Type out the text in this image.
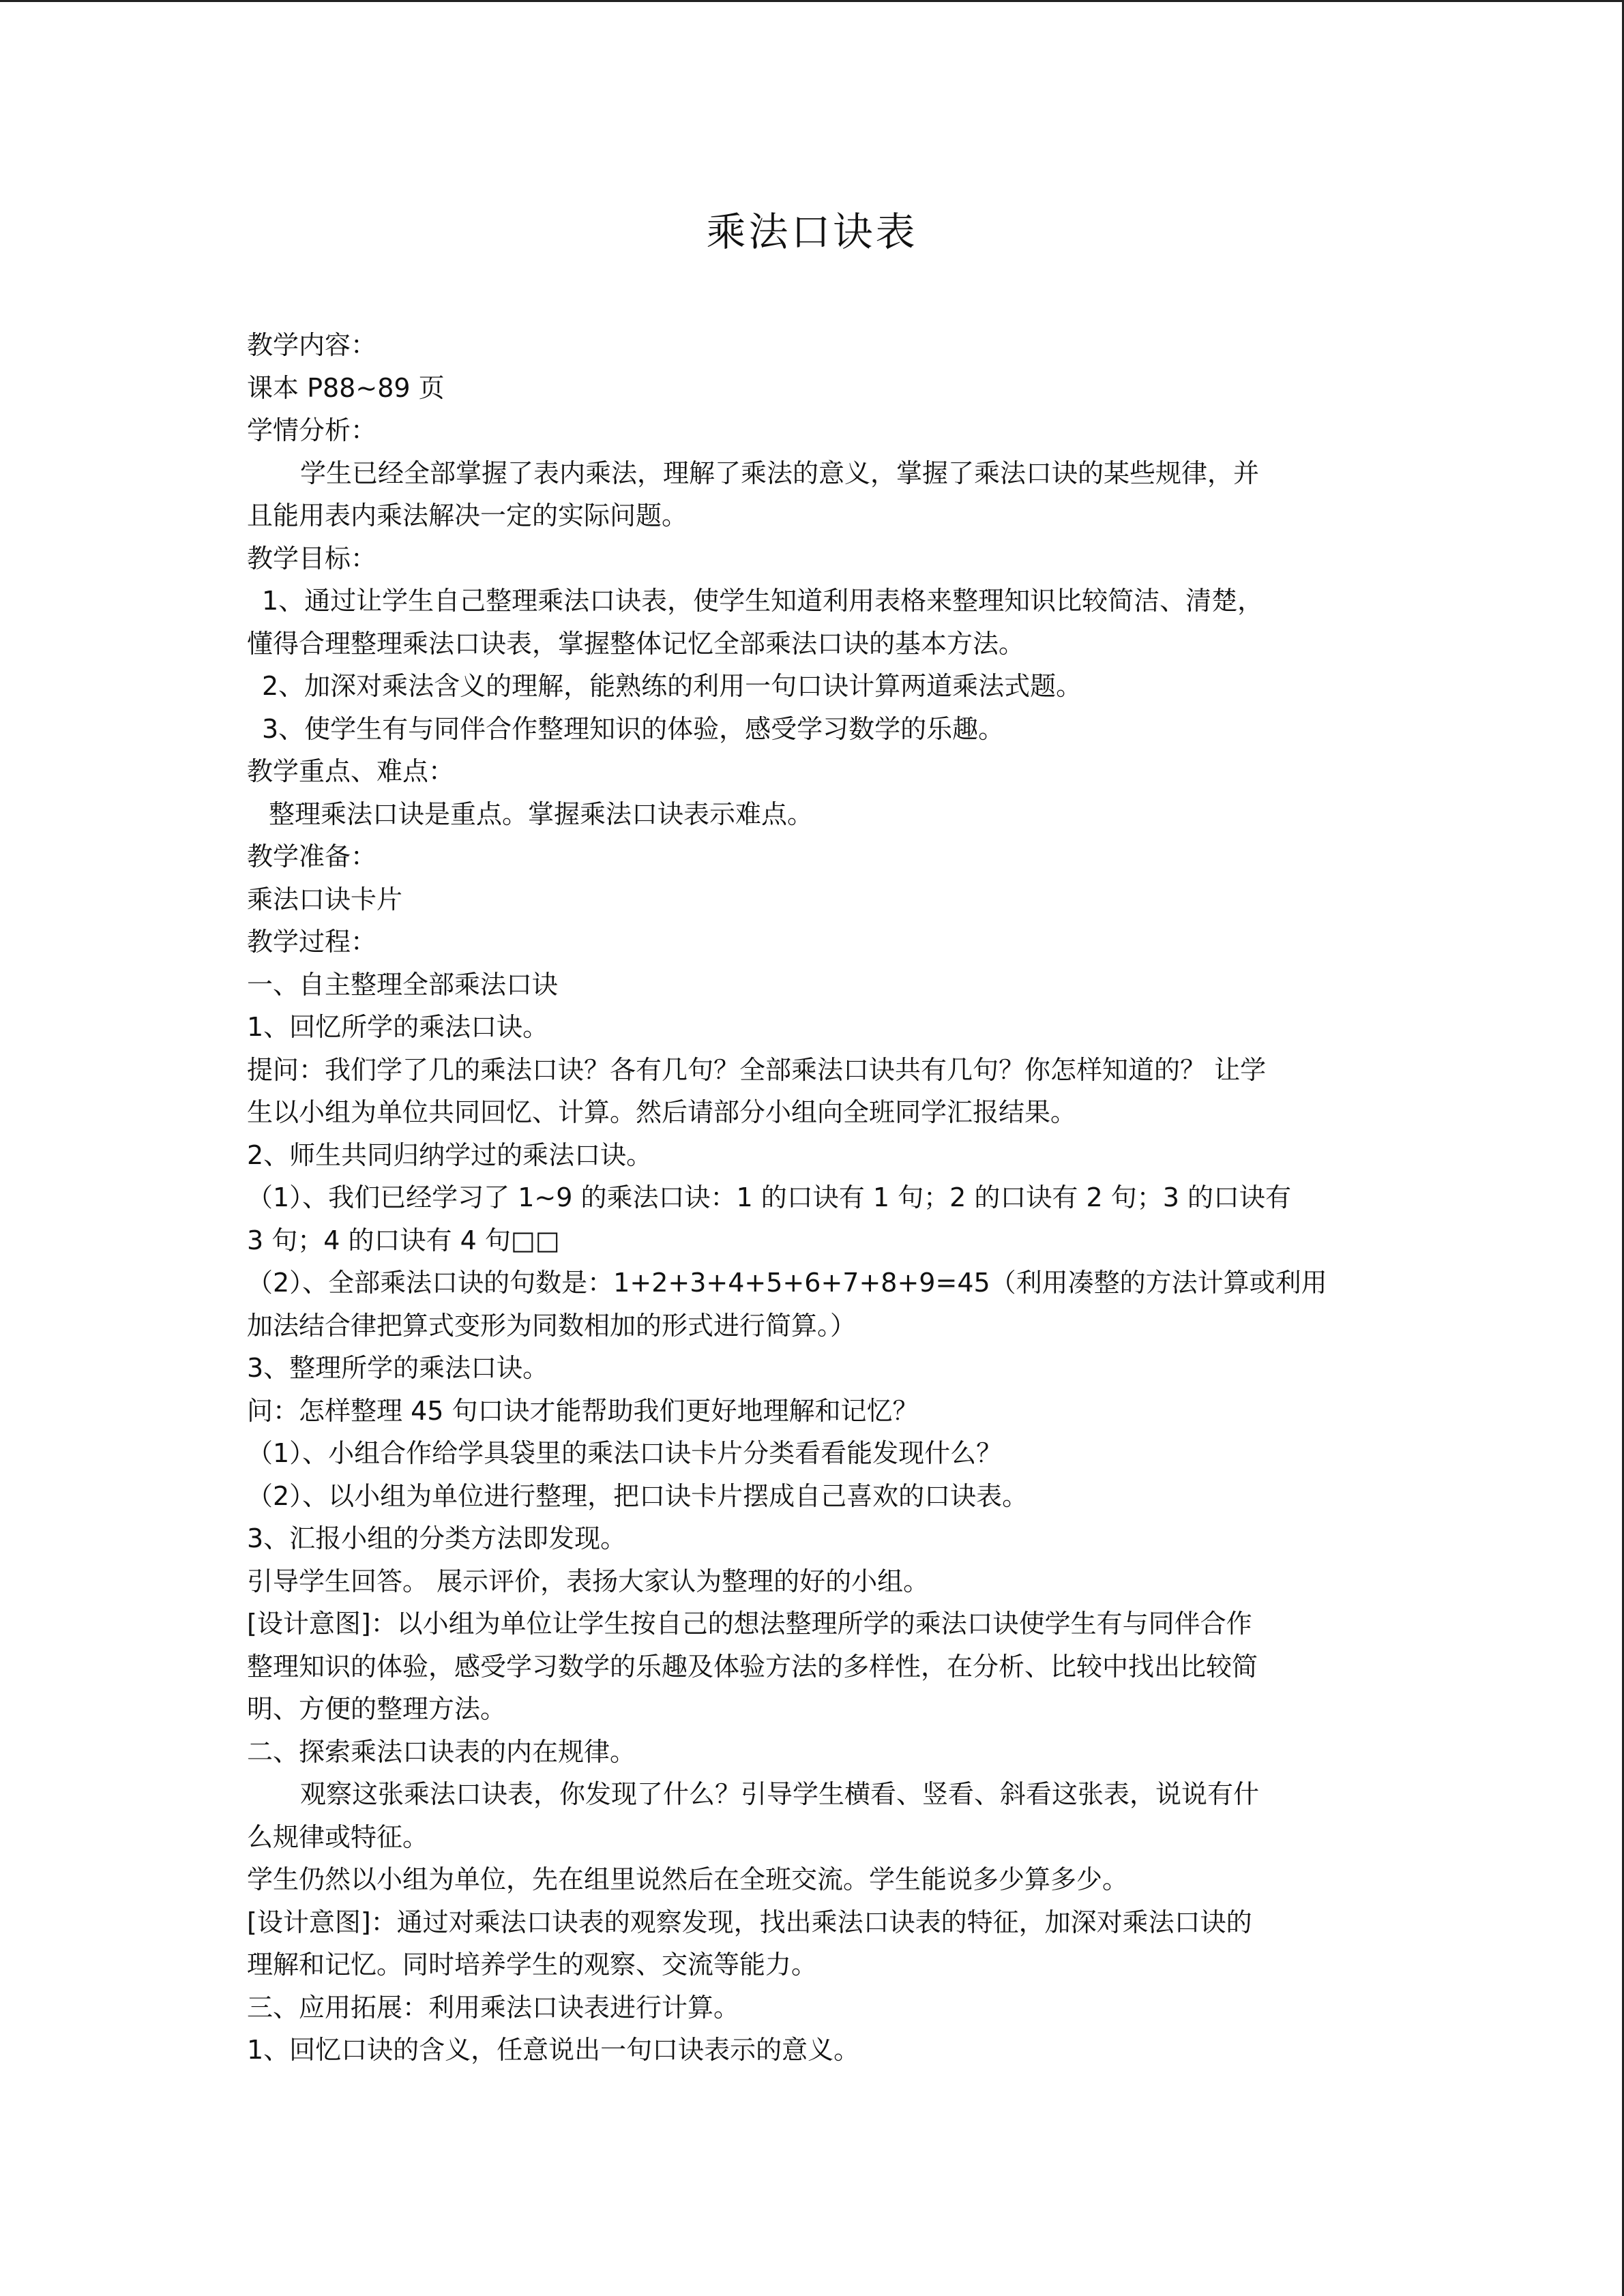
乘法口诀表

教学内容：

课本 P88~89 页

学情分析：

学生已经全部掌握了表内乘法，理解了乘法的意义，掌握了乘法口诀的某些规律，并

且能用表内乘法解决一定的实际问题。

教学目标：

1、通过让学生自己整理乘法口诀表，使学生知道利用表格来整理知识比较简洁、清楚，

懂得合理整理乘法口诀表，掌握整体记忆全部乘法口诀的基本方法。

2、加深对乘法含义的理解，能熟练的利用一句口诀计算两道乘法式题。

3、使学生有与同伴合作整理知识的体验，感受学习数学的乐趣。

教学重点、难点：

整理乘法口诀是重点。掌握乘法口诀表示难点。

教学准备：

乘法口诀卡片

教学过程：

一、自主整理全部乘法口诀

1、回忆所学的乘法口诀。

提问：我们学了几的乘法口诀？各有几句？全部乘法口诀共有几句？你怎样知道的？ 让学

生以小组为单位共同回忆、计算。然后请部分小组向全班同学汇报结果。

2、师生共同归纳学过的乘法口诀。

（1）、我们已经学习了 1~9 的乘法口诀：1 的口诀有 1 句；2 的口诀有 2 句；3 的口诀有

3 句；4 的口诀有 4 句□□

（2）、全部乘法口诀的句数是：1+2+3+4+5+6+7+8+9=45（利用凑整的方法计算或利用

加法结合律把算式变形为同数相加的形式进行简算。）

3、整理所学的乘法口诀。

问：怎样整理 45 句口诀才能帮助我们更好地理解和记忆？

（1）、小组合作给学具袋里的乘法口诀卡片分类看看能发现什么？

（2）、以小组为单位进行整理，把口诀卡片摆成自己喜欢的口诀表。

3、汇报小组的分类方法即发现。

引导学生回答。 展示评价，表扬大家认为整理的好的小组。

[设计意图]：以小组为单位让学生按自己的想法整理所学的乘法口诀使学生有与同伴合作

整理知识的体验，感受学习数学的乐趣及体验方法的多样性，在分析、比较中找出比较简

明、方便的整理方法。

二、探索乘法口诀表的内在规律。

观察这张乘法口诀表，你发现了什么？引导学生横看、竖看、斜看这张表，说说有什

么规律或特征。

学生仍然以小组为单位，先在组里说然后在全班交流。学生能说多少算多少。

[设计意图]：通过对乘法口诀表的观察发现，找出乘法口诀表的特征，加深对乘法口诀的

理解和记忆。同时培养学生的观察、交流等能力。

三、应用拓展：利用乘法口诀表进行计算。

1、回忆口诀的含义，任意说出一句口诀表示的意义。
